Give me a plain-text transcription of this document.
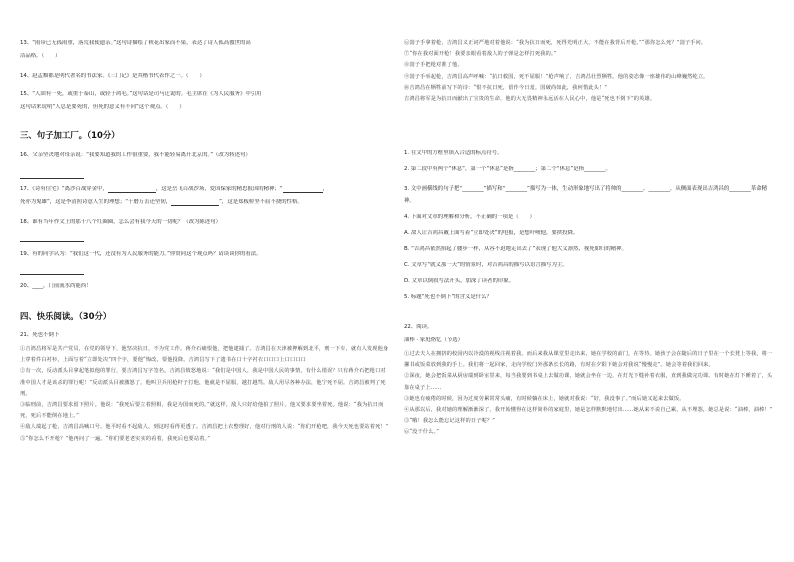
13、“雨带已无孤雨重，落荒我使遗亲。”这句诗描绘了秋花出家而不染，表达了诗人孤高傲世的高
洁品格。（　　）
14、赵孟頫都是明代著名的书法家。《三门记》是其楷书代表作之一。（　　）
15、“人固有一死，或重于泰山，或轻于鸿毛。”这句话是司马迁说的。毛主席在《为人民服务》中引用
这句话来说明“人总是要死的，但死的意义有不同”这个观点。（　　）
三、句子加工厂。（10分）
16、父亲坚决地对母亲说：“我要知道我的工作很重要，我不能轻易离开北京的。”（改为转述句）
17、《诗有住宅》“离沙百战穿金甲，	，这是岳飞百战沙场，爱国保家的精忠报国的精神；“	，
死亦为鬼雄”，这是李清照诗意人生的理想；“千磨万击还坚韧，	”，这是郑板桥坚不屈不挠的性格。
18、谁有当年作文上的那十八个红圈圈，怎么会有我今天的一切呢？（改为陈述句）
19、有的同学认为：“我们这一代，还没有为人民服务的能力。”你赞同这个观点吗？请谈谈你的看法。
20、____，门前流水尚能西！
四、快乐阅读。（30分）
21、死也不倒下
①吉鸿昌将军是共产党员，在党的领导下，他坚决抗日，不为党工作。蒋介石痛恨他，把他逮捕了。吉鸿昌在天津被押解到北平，刑一下车，就有人发现他身上穿着件白衬衫，上面写着“立即处决”四个字，要他“悔改，要他投降。吉鸿昌写下了遗书在口十字衬衣口口口上口口口口
②有一次，反动派头目拿起笔拟他的罪行，要吉鸿昌写字签名。吉鸿昌愤怒地说：“我们是中国人，我是中国人民的事情，有什么错误？只有蒋介石把枪口对准中国人才是该杀的罪行呢！”反动派头目被激怒了。他叫卫兵用枪杆子打他，他就是不屈服，越打越骂。敌人用尽各种办法，他宁死不屈。吉鸿昌被判了死刑。
③临刑前，吉鸿昌要求留下照片。他说：“我死后要立着照相，我是为国而死的。”就这样，敌人只好给他拍了照片。他又要求要坐着死。他说：“我为抗日而死，死后不能倒在地上。”
④敌人端起了枪，吉鸿昌高喊口号。他平时看不起敌人，到这时看得更透了。吉鸿昌把上衣整理好，他对行刑的人说：“你们开枪吧，我今天死也要站着死！”
⑤“你怎么不开枪？”他再问了一遍。“你们要老老实实的看着，我死后也要站着。”
⑥刽子手拿着枪，吉鸿昌义正词严地对着他说：“我为抗日而死，死得光明正大，不能在我背后开枪。”“那你怎么死？”刽子手问。
⑦“你在我对面开枪！我要亲眼看着敌人的子弹是怎样打死我的。”
⑧刽子手把枪对准了他。
⑨刽子手举起枪，吉鸿昌高声呼喊：“抗日救国，死不屈服！”枪声响了，吉鸿昌壮烈牺牲。他的姿态像一座雄伟的山峰巍然屹立。
⑩吉鸿昌在牺牲前写下的诗：“恨不抗日死，留作今日羞。国破尚如此，我何惜此头！”
吉鸿昌将军是为抗日而献出了宝贵的生命，他的大无畏精神永远活在人民心中，他是“死也不倒下”的英雄。
1. 在文中的方框里填入合适的标点符号。
2. 第二段中有两个“休息”，第一个“休息”是指________；第二个“休息”是指________。
3. 文中画横线的句子把“________”描写和“________”描写为一体，生动形象地写出了将帅的________、________，从侧面表现出吉鸿昌的________革命精神。
4. 下面对文章的理解和分析，不正确的一项是（　　）
A. 敌人让吉鸿昌戴上面写着“立即处决”的电报，是想吓唬他，要挟投降。
B. “吉鸿昌依然抬起了腰步一样，从容不迫地走出去了”表现了他大义凛然、视死如归的精神。
C. 文章写“就义那一天”的情景时，对吉鸿昌的描写以语言描写为主。
D. 文章以倒叙写法开头，加深了读者的印象。
5. 标题“死也不倒下”的含义是什么？
22、阅读。
油棒 · 家庭烙忆（节选）
①过去夫人在拥挤的校园内以冷漠的视线注视着我。而后来我从课堂里走出来，她在学校的前门，在等待。她孩子会在随后的日子里在一个长凳上等我，将一摞书或饭菜放到我的手上。我们将一起回家，走向学校门外那条长长的路，有时在夕阳下她会对我说“慢慢走”。她会等着我们回来。
②深夜，她会把饭菜从厨房端到卧室里来，每当我要到书桌上去做功课，她就会坐在一边，在灯光下缝补着衣服，直到我做完功课。有时她在灯下睡着了，头靠在桌子上……
③她也有疲倦的时候，因为过度劳累常常头痛，有时候躺在床上，她就对我说：“好，我没事了。”而后她又起来去做饭。
④从那以后，我对她的理解渐渐深了，我开始懂得在这样简朴的家庭里，她是怎样默默地付出……她从来不说自己累，从不埋怨，她总是说：“油棒，油棒！”
⑤“哦！我怎么能忘记这样的日子呢？”
⑥“没干什么。”
